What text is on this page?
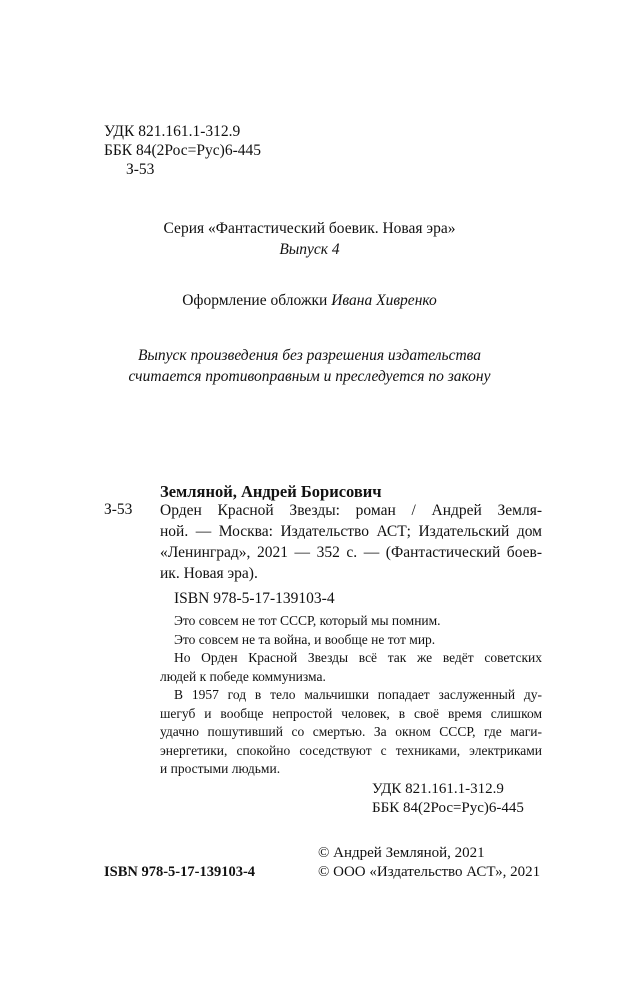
УДК 821.161.1-312.9
ББК 84(2Рос=Рус)6-445
З-53
Серия «Фантастический боевик. Новая эра»
Выпуск 4
Оформление обложки Ивана Хивренко
Выпуск произведения без разрешения издательства
считается противоправным и преследуется по закону
Земляной, Андрей Борисович
З-53 Орден Красной Звезды: роман / Андрей Земля-
ной. — Москва: Издательство АСТ; Издательский дом
«Ленинград», 2021 — 352 с. — (Фантастический боев-
ик. Новая эра).
ISBN 978-5-17-139103-4
Это совсем не тот СССР, который мы помним.
Это совсем не та война, и вообще не тот мир.
Но Орден Красной Звезды всё так же ведёт советских
людей к победе коммунизма.
В 1957 год в тело мальчишки попадает заслуженный ду-
шегуб и вообще непростой человек, в своё время слишком
удачно пошутивший со смертью. За окном СССР, где маги-
энергетики, спокойно соседствуют с техниками, электриками
и простыми людьми.
УДК 821.161.1-312.9
ББК 84(2Рос=Рус)6-445
© Андрей Земляной, 2021
© ООО «Издательство АСТ», 2021
ISBN 978-5-17-139103-4
